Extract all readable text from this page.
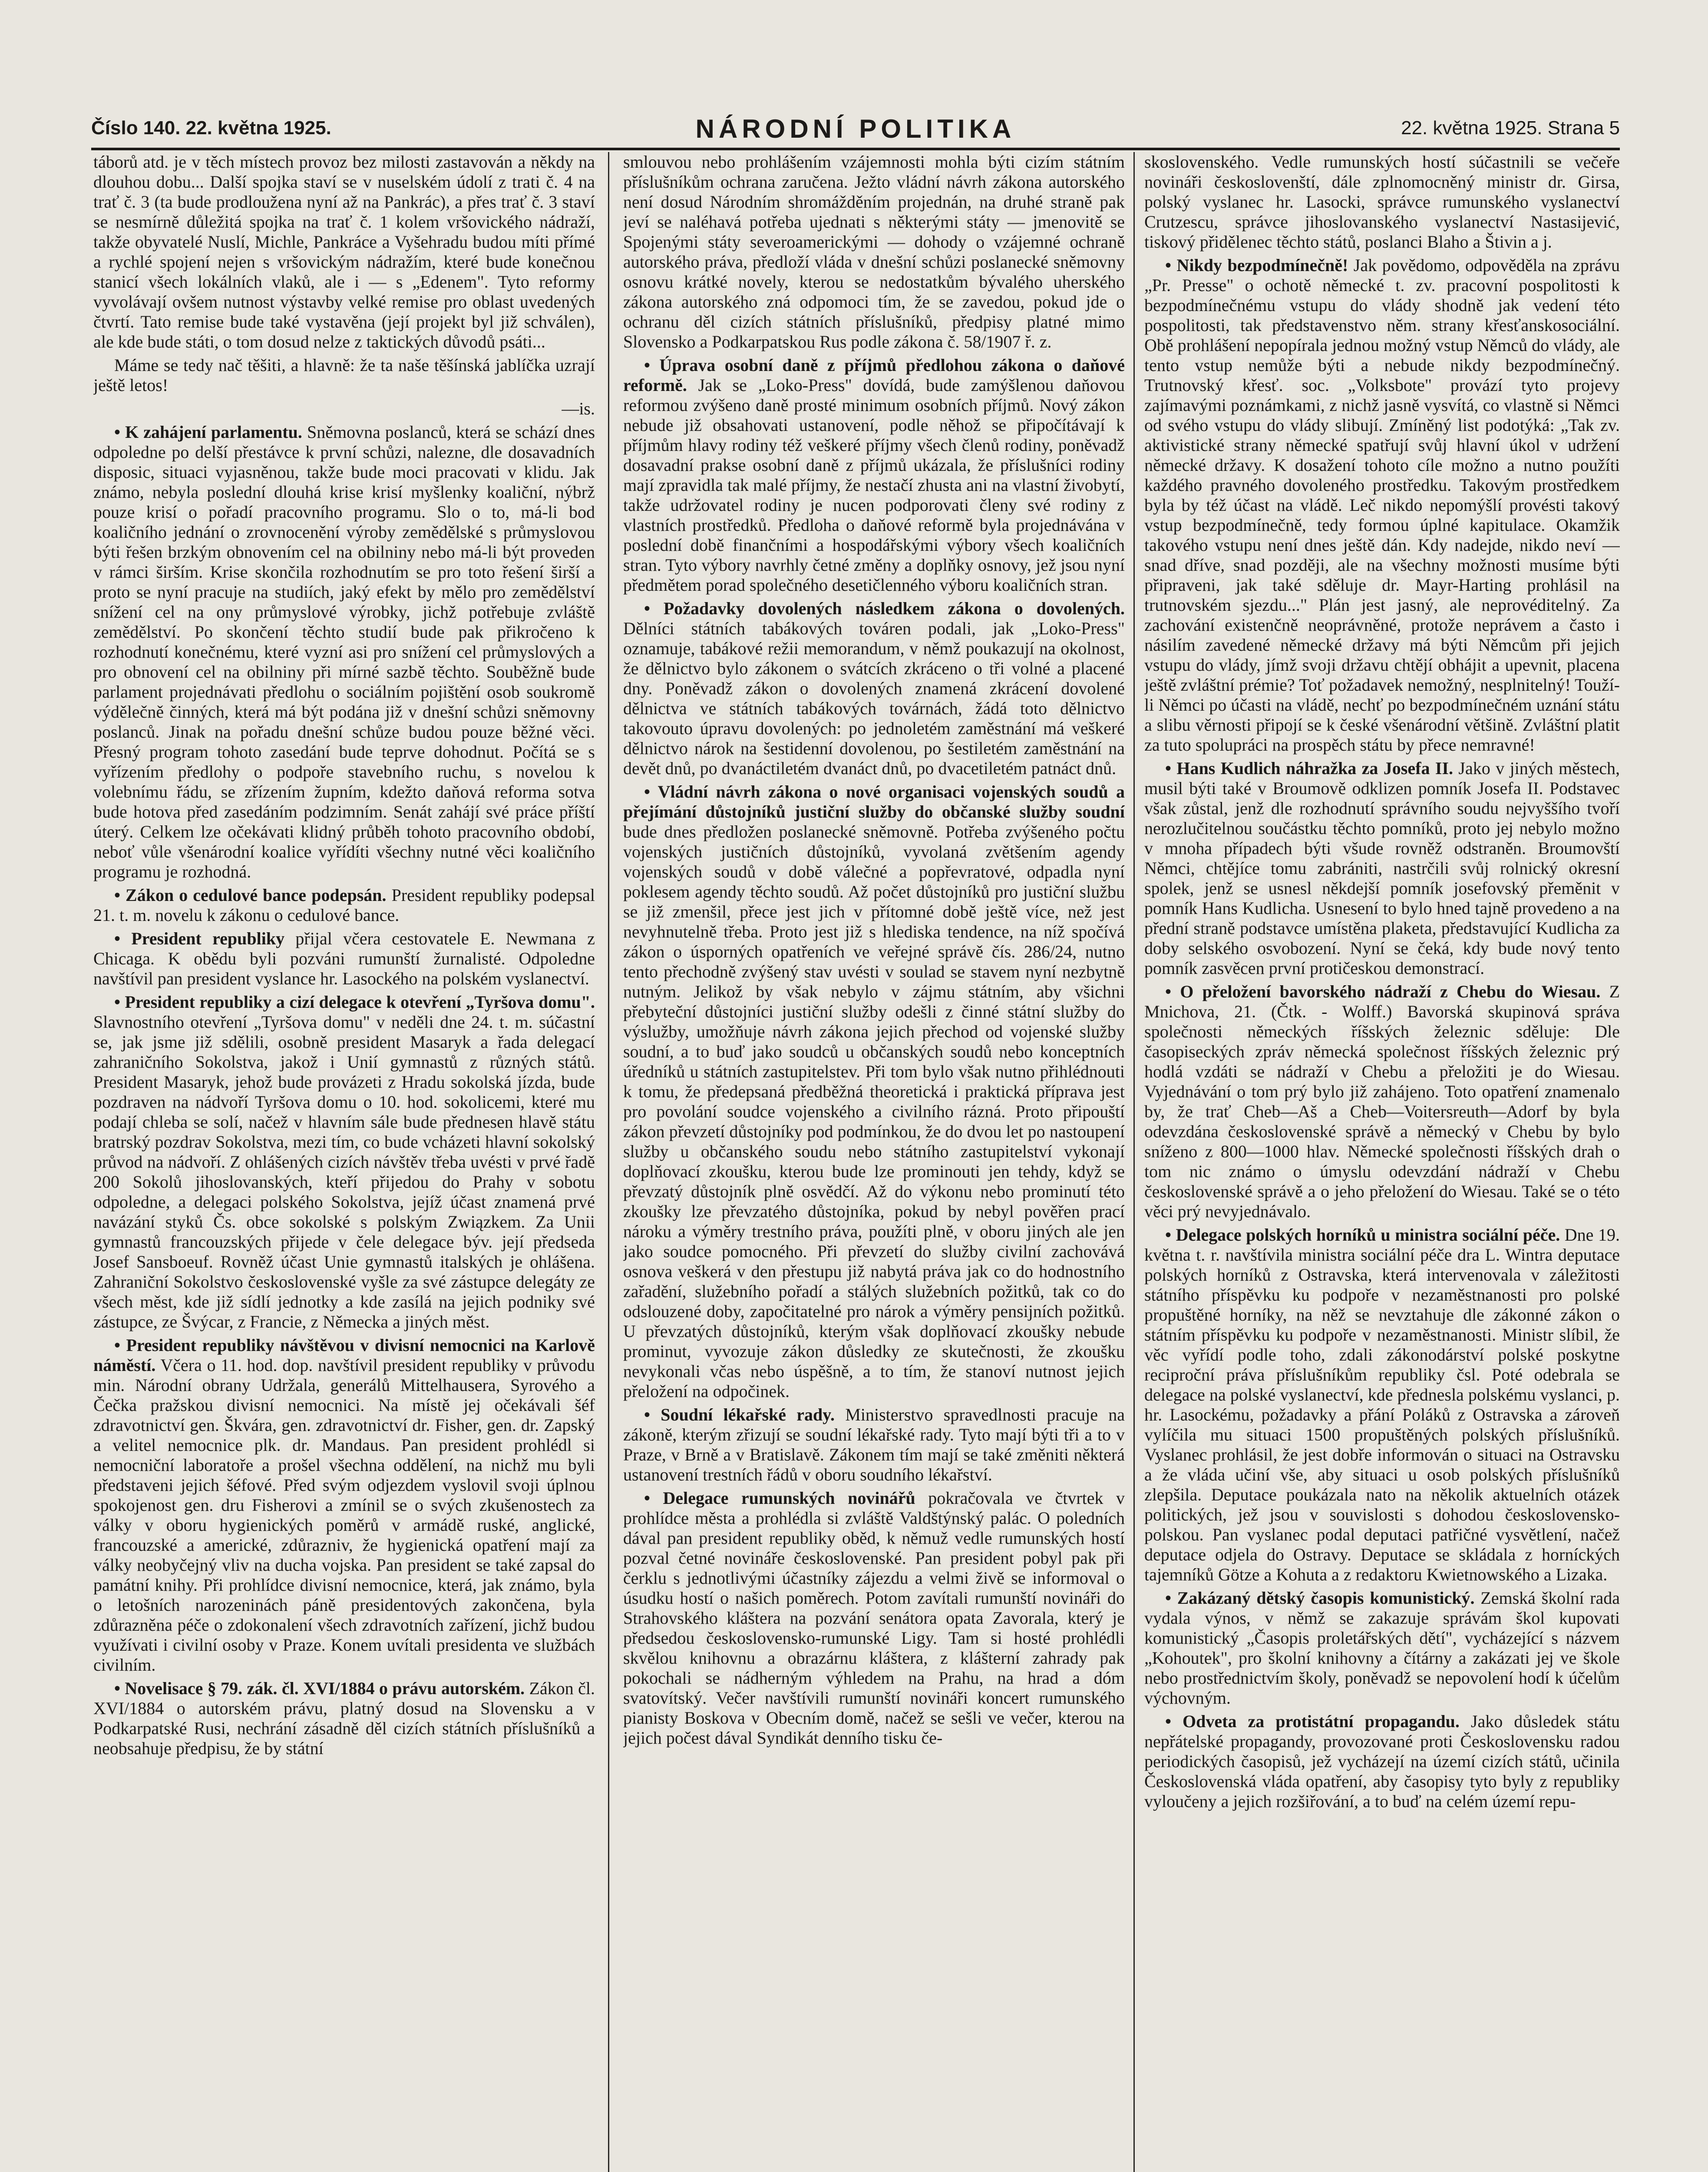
Číslo 140. 22. května 1925.	NÁRODNÍ POLITIKA	22. května 1925. Strana 5

táborů atd. je v těch místech provoz bez milosti zastavován a někdy na dlouhou dobu... Další spojka staví se v nuselském údolí z trati č. 4 na trať č. 3 (ta bude prodloužena nyní až na Pankrác), a přes trať č. 3 staví se nesmírně důležitá spojka na trať č. 1 kolem vršovického nádraží, takže obyvatelé Nuslí, Michle, Pankráce a Vyšehradu budou míti přímé a rychlé spojení nejen s vršovickým nádražím, které bude konečnou stanicí všech lokálních vlaků, ale i — s „Edenem". Tyto reformy vyvolávají ovšem nutnost výstavby velké remise pro oblast uvedených čtvrtí. Tato remise bude také vystavěna (její projekt byl již schválen), ale kde bude státi, o tom dosud nelze z taktických důvodů psáti...

Máme se tedy nač těšiti, a hlavně: že ta naše těšínská jablíčka uzrají ještě letos!

—is.

• K zahájení parlamentu. Sněmovna poslanců, která se schází dnes odpoledne po delší přestávce k první schůzi, nalezne, dle dosavadních disposic, situaci vyjasněnou, takže bude moci pracovati v klidu. Jak známo, nebyla poslední dlouhá krise krisí myšlenky koaliční, nýbrž pouze krisí o pořadí pracovního programu. Slo o to, má-li bod koaličního jednání o zrovnocenění výroby zemědělské s průmyslovou býti řešen brzkým obnovením cel na obilniny nebo má-li být proveden v rámci širším. Krise skončila rozhodnutím se pro toto řešení širší a proto se nyní pracuje na studiích, jaký efekt by mělo pro zemědělství snížení cel na ony průmyslové výrobky, jichž potřebuje zvláště zemědělství. Po skončení těchto studií bude pak přikročeno k rozhodnutí konečnému, které vyzní asi pro snížení cel průmyslových a pro obnovení cel na obilniny při mírné sazbě těchto. Souběžně bude parlament projednávati předlohu o sociálním pojištění osob soukromě výdělečně činných, která má být podána již v dnešní schůzi sněmovny poslanců. Jinak na pořadu dnešní schůze budou pouze běžné věci. Přesný program tohoto zasedání bude teprve dohodnut. Počítá se s vyřízením předlohy o podpoře stavebního ruchu, s novelou k volebnímu řádu, se zřízením župním, kdežto daňová reforma sotva bude hotova před zasedáním podzimním. Senát zahájí své práce příští úterý. Celkem lze očekávati klidný průběh tohoto pracovního období, neboť vůle všenárodní koalice vyřídíti všechny nutné věci koaličního programu je rozhodná.

• Zákon o cedulové bance podepsán. President republiky podepsal 21. t. m. novelu k zákonu o cedulové bance.

• President republiky přijal včera cestovatele E. Newmana z Chicaga. K obědu byli pozváni rumunští žurnalisté. Odpoledne navštívil pan president vyslance hr. Lasockého na polském vyslanectví.

• President republiky a cizí delegace k otevření „Tyršova domu". Slavnostního otevření „Tyršova domu" v neděli dne 24. t. m. súčastní se, jak jsme již sdělili, osobně president Masaryk a řada delegací zahraničního Sokolstva, jakož i Unií gymnastů z různých států. President Masaryk, jehož bude provázeti z Hradu sokolská jízda, bude pozdraven na nádvoří Tyršova domu o 10. hod. sokolicemi, které mu podají chleba se solí, načež v hlavním sále bude přednesen hlavě státu bratrský pozdrav Sokolstva, mezi tím, co bude vcházeti hlavní sokolský průvod na nádvoří. Z ohlášených cizích návštěv třeba uvésti v prvé řadě 200 Sokolů jihoslovanských, kteří přijedou do Prahy v sobotu odpoledne, a delegaci polského Sokolstva, jejíž účast znamená prvé navázání styků Čs. obce sokolské s polským Związkem. Za Unii gymnastů francouzských přijede v čele delegace býv. její předseda Josef Sansboeuf. Rovněž účast Unie gymnastů italských je ohlášena. Zahraniční Sokolstvo československé vyšle za své zástupce delegáty ze všech měst, kde již sídlí jednotky a kde zasílá na jejich podniky své zástupce, ze Švýcar, z Francie, z Německa a jiných měst.

• President republiky návštěvou v divisní nemocnici na Karlově náměstí. Včera o 11. hod. dop. navštívil president republiky v průvodu min. Národní obrany Udržala, generálů Mittelhausera, Syrového a Čečka pražskou divisní nemocnici. Na místě jej očekávali šéf zdravotnictví gen. Škvára, gen. zdravotnictví dr. Fisher, gen. dr. Zapský a velitel nemocnice plk. dr. Mandaus. Pan president prohlédl si nemocniční laboratoře a prošel všechna oddělení, na nichž mu byli představeni jejich šéfové. Před svým odjezdem vyslovil svoji úplnou spokojenost gen. dru Fisherovi a zmínil se o svých zkušenostech za války v oboru hygienických poměrů v armádě ruské, anglické, francouzské a americké, zdůrazniv, že hygienická opatření mají za války neobyčejný vliv na ducha vojska. Pan president se také zapsal do památní knihy. Při prohlídce divisní nemocnice, která, jak známo, byla o letošních narozeninách páně presidentových zakončena, byla zdůrazněna péče o zdokonalení všech zdravotních zařízení, jichž budou využívati i civilní osoby v Praze. Konem uvítali presidenta ve službách civilním.

• Novelisace § 79. zák. čl. XVI/1884 o právu autorském. Zákon čl. XVI/1884 o autorském právu, platný dosud na Slovensku a v Podkarpatské Rusi, nechrání zásadně děl cizích státních příslušníků a neobsahuje předpisu, že by státní

smlouvou nebo prohlášením vzájemnosti mohla býti cizím státním příslušníkům ochrana zaručena. Ježto vládní návrh zákona autorského není dosud Národním shromážděním projednán, na druhé straně pak jeví se naléhavá potřeba ujednati s některými státy — jmenovitě se Spojenými státy severoamerickými — dohody o vzájemné ochraně autorského práva, předloží vláda v dnešní schůzi poslanecké sněmovny osnovu krátké novely, kterou se nedostatkům bývalého uherského zákona autorského zná odpomoci tím, že se zavedou, pokud jde o ochranu děl cizích státních příslušníků, předpisy platné mimo Slovensko a Podkarpatskou Rus podle zákona č. 58/1907 ř. z.

• Úprava osobní daně z příjmů předlohou zákona o daňové reformě. Jak se „Loko-Press" dovídá, bude zamýšlenou daňovou reformou zvýšeno daně prosté minimum osobních příjmů. Nový zákon nebude již obsahovati ustanovení, podle něhož se připočítávají k příjmům hlavy rodiny též veškeré příjmy všech členů rodiny, poněvadž dosavadní prakse osobní daně z příjmů ukázala, že příslušníci rodiny mají zpravidla tak malé příjmy, že nestačí zhusta ani na vlastní živobytí, takže udržovatel rodiny je nucen podporovati členy své rodiny z vlastních prostředků. Předloha o daňové reformě byla projednávána v poslední době finančními a hospodářskými výbory všech koaličních stran. Tyto výbory navrhly četné změny a doplňky osnovy, jež jsou nyní předmětem porad společného desetičlenného výboru koaličních stran.

• Požadavky dovolených následkem zákona o dovolených. Dělníci státních tabákových továren podali, jak „Loko-Press" oznamuje, tabákové režii memorandum, v němž poukazují na okolnost, že dělnictvo bylo zákonem o svátcích zkráceno o tři volné a placené dny. Poněvadž zákon o dovolených znamená zkrácení dovolené dělnictva ve státních tabákových továrnách, žádá toto dělnictvo takovouto úpravu dovolených: po jednoletém zaměstnání má veškeré dělnictvo nárok na šestidenní dovolenou, po šestiletém zaměstnání na devět dnů, po dvanáctiletém dvanáct dnů, po dvacetiletém patnáct dnů.

• Vládní návrh zákona o nové organisaci vojenských soudů a přejímání důstojníků justiční služby do občanské služby soudní bude dnes předložen poslanecké sněmovně. Potřeba zvýšeného počtu vojenských justičních důstojníků, vyvolaná zvětšením agendy vojenských soudů v době válečné a popřevratové, odpadla nyní poklesem agendy těchto soudů. Až počet důstojníků pro justiční službu se již zmenšil, přece jest jich v přítomné době ještě více, než jest nevyhnutelně třeba. Proto jest již s hlediska tendence, na níž spočívá zákon o úsporných opatřeních ve veřejné správě čís. 286/24, nutno tento přechodně zvýšený stav uvésti v soulad se stavem nyní nezbytně nutným. Jelikož by však nebylo v zájmu státním, aby všichni přebyteční důstojníci justiční služby odešli z činné státní služby do výslužby, umožňuje návrh zákona jejich přechod od vojenské služby soudní, a to buď jako soudců u občanských soudů nebo konceptních úředníků u státních zastupitelstev. Při tom bylo však nutno přihlédnouti k tomu, že předepsaná předběžná theoretická i praktická příprava jest pro povolání soudce vojenského a civilního rázná. Proto připouští zákon převzetí důstojníky pod podmínkou, že do dvou let po nastoupení služby u občanského soudu nebo státního zastupitelství vykonají doplňovací zkoušku, kterou bude lze prominouti jen tehdy, když se převzatý důstojník plně osvědčí. Až do výkonu nebo prominutí této zkoušky lze převzatého důstojníka, pokud by nebyl pověřen prací nároku a výměry trestního práva, použíti plně, v oboru jiných ale jen jako soudce pomocného. Při převzetí do služby civilní zachovává osnova veškerá v den přestupu již nabytá práva jak co do hodnostního zařadění, služebního pořadí a stálých služebních požitků, tak co do odslouzené doby, započitatelné pro nárok a výměry pensijních požitků. U převzatých důstojníků, kterým však doplňovací zkoušky nebude prominut, vyvozuje zákon důsledky ze skutečnosti, že zkoušku nevykonali včas nebo úspěšně, a to tím, že stanoví nutnost jejich přeložení na odpočinek.

• Soudní lékařské rady. Ministerstvo spravedlnosti pracuje na zákoně, kterým zřizují se soudní lékařské rady. Tyto mají býti tři a to v Praze, v Brně a v Bratislavě. Zákonem tím mají se také změniti některá ustanovení trestních řádů v oboru soudního lékařství.

• Delegace rumunských novinářů pokračovala ve čtvrtek v prohlídce města a prohlédla si zvláště Valdštýnský palác. O poledních dával pan president republiky oběd, k němuž vedle rumunských hostí pozval četné novináře československé. Pan president pobyl pak při čerklu s jednotlivými účastníky zájezdu a velmi živě se informoval o úsudku hostí o našich poměrech. Potom zavítali rumunští novináři do Strahovského kláštera na pozvání senátora opata Zavorala, který je předsedou československo-rumunské Ligy. Tam si hosté prohlédli skvělou knihovnu a obrazárnu kláštera, z klášterní zahrady pak pokochali se nádherným výhledem na Prahu, na hrad a dóm svatovítský. Večer navštívili rumunští novináři koncert rumunského pianisty Boskova v Obecním domě, načež se sešli ve večer, kterou na jejich počest dával Syndikát denního tisku če-

skoslovenského. Vedle rumunských hostí súčastnili se večeře novináři českoslovenští, dále zplnomocněný ministr dr. Girsa, polský vyslanec hr. Lasocki, správce rumunského vyslanectví Crutzescu, správce jihoslovanského vyslanectví Nastasijević, tiskový přidělenec těchto států, poslanci Blaho a Štivin a j.

• Nikdy bezpodmínečně! Jak povědomo, odpověděla na zprávu „Pr. Presse" o ochotě německé t. zv. pracovní pospolitosti k bezpodmínečnému vstupu do vlády shodně jak vedení této pospolitosti, tak představenstvo něm. strany křesťanskosociální. Obě prohlášení nepopírala jednou možný vstup Němců do vlády, ale tento vstup nemůže býti a nebude nikdy bezpodmínečný. Trutnovský křesť. soc. „Volksbote" provází tyto projevy zajímavými poznámkami, z nichž jasně vysvítá, co vlastně si Němci od svého vstupu do vlády slibují. Zmíněný list podotýká: „Tak zv. aktivistické strany německé spatřují svůj hlavní úkol v udržení německé državy. K dosažení tohoto cíle možno a nutno použíti každého pravného dovoleného prostředku. Takovým prostředkem byla by též účast na vládě. Leč nikdo nepomýšlí provésti takový vstup bezpodmínečně, tedy formou úplné kapitulace. Okamžik takového vstupu není dnes ještě dán. Kdy nadejde, nikdo neví — snad dříve, snad později, ale na všechny možnosti musíme býti připraveni, jak také sděluje dr. Mayr-Harting prohlásil na trutnovském sjezdu..." Plán jest jasný, ale neprovéditelný. Za zachování existenčně neoprávněné, protože neprávem a často i násilím zavedené německé državy má býti Němcům při jejich vstupu do vlády, jímž svoji državu chtějí obhájit a upevnit, placena ještě zvláštní prémie? Toť požadavek nemožný, nesplnitelný! Touží-li Němci po účasti na vládě, nechť po bezpodmínečném uznání státu a slibu věrnosti připojí se k české všenárodní většině. Zvláštní platit za tuto spolupráci na prospěch státu by přece nemravné!

• Hans Kudlich náhražka za Josefa II. Jako v jiných městech, musil býti také v Broumově odklizen pomník Josefa II. Podstavec však zůstal, jenž dle rozhodnutí správního soudu nejvyššího tvoří nerozlučitelnou součástku těchto pomníků, proto jej nebylo možno v mnoha případech býti všude rovněž odstraněn. Broumovští Němci, chtějíce tomu zabrániti, nastrčili svůj rolnický okresní spolek, jenž se usnesl někdejší pomník josefovský přeměnit v pomník Hans Kudlicha. Usnesení to bylo hned tajně provedeno a na přední straně podstavce umístěna plaketa, představující Kudlicha za doby selského osvobození. Nyní se čeká, kdy bude nový tento pomník zasvěcen první protičeskou demonstrací.

• O přeložení bavorského nádraží z Chebu do Wiesau. Z Mnichova, 21. (Čtk. - Wolff.) Bavorská skupinová správa společnosti německých říšských železnic sděluje: Dle časopiseckých zpráv německá společnost říšských železnic prý hodlá vzdáti se nádraží v Chebu a přeložiti je do Wiesau. Vyjednávání o tom prý bylo již zahájeno. Toto opatření znamenalo by, že trať Cheb—Aš a Cheb—Voitersreuth—Adorf by byla odevzdána československé správě a německý v Chebu by bylo sníženo z 800—1000 hlav. Německé společnosti říšských drah o tom nic známo o úmyslu odevzdání nádraží v Chebu československé správě a o jeho přeložení do Wiesau. Také se o této věci prý nevyjednávalo.

• Delegace polských horníků u ministra sociální péče. Dne 19. května t. r. navštívila ministra sociální péče dra L. Wintra deputace polských horníků z Ostravska, která intervenovala v záležitosti státního příspěvku ku podpoře v nezaměstnanosti pro polské propuštěné horníky, na něž se nevztahuje dle zákonné zákon o státním příspěvku ku podpoře v nezaměstnanosti. Ministr slíbil, že věc vyřídí podle toho, zdali zákonodárství polské poskytne reciproční práva příslušníkům republiky čsl. Poté odebrala se delegace na polské vyslanectví, kde přednesla polskému vyslanci, p. hr. Lasockému, požadavky a přání Poláků z Ostravska a zároveň vylíčila mu situaci 1500 propuštěných polských příslušníků. Vyslanec prohlásil, že jest dobře informován o situaci na Ostravsku a že vláda učiní vše, aby situaci u osob polských příslušníků zlepšila. Deputace poukázala nato na několik aktuelních otázek politických, jež jsou v souvislosti s dohodou československo-polskou. Pan vyslanec podal deputaci patřičné vysvětlení, načež deputace odjela do Ostravy. Deputace se skládala z horníckých tajemníků Götze a Kohuta a z redaktoru Kwietnowského a Lizaka.

• Zakázaný dětský časopis komunistický. Zemská školní rada vydala výnos, v němž se zakazuje správám škol kupovati komunistický „Časopis proletářských dětí", vycházející s názvem „Kohoutek", pro školní knihovny a čítárny a zakázati jej ve škole nebo prostřednictvím školy, poněvadž se nepovolení hodí k účelům výchovným.

• Odveta za protistátní propagandu. Jako důsledek státu nepřátelské propagandy, provozované proti Československu radou periodických časopisů, jež vycházejí na území cizích států, učinila Československá vláda opatření, aby časopisy tyto byly z republiky vyloučeny a jejich rozšiřování, a to buď na celém území repu-
